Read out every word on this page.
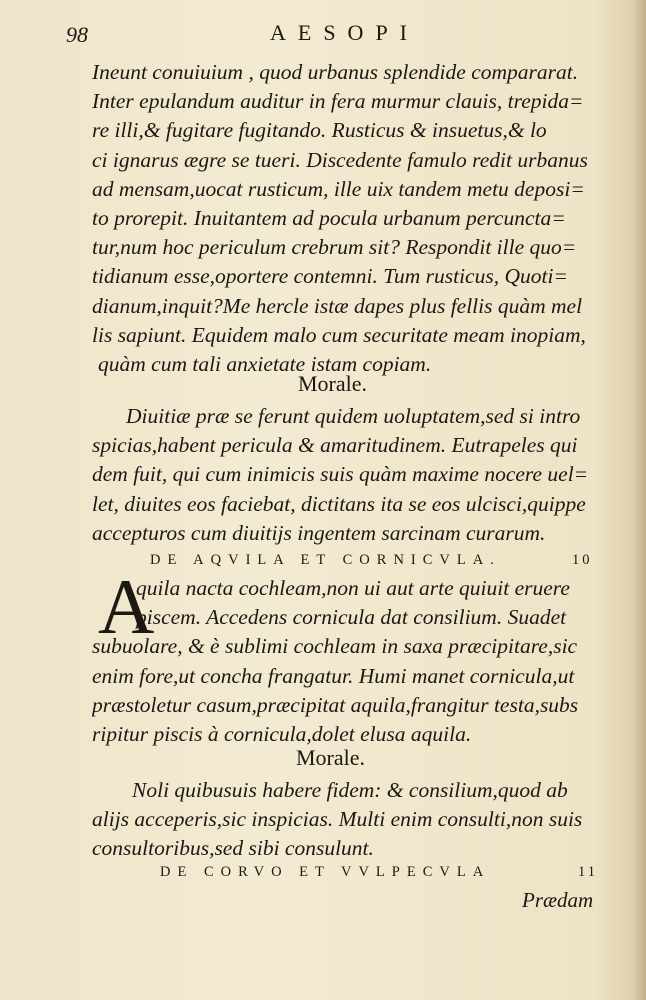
98	AESOPI
Ineunt conuiuium , quod urbanus splendide compararat.
Inter epulandum auditur in fera murmur clauis, trepida=
re illi,& fugitare fugitando. Rusticus & insuetus,& lo
ci ignarus ægre se tueri. Discedente famulo redit urbanus
ad mensam,uocat rusticum, ille uix tandem metu deposi=
to prorepit. Inuitantem ad pocula urbanum percuncta=
tur,num hoc periculum crebrum sit? Respondit ille quo=
tidianum esse,oportere contemni. Tum rusticus, Quoti=
dianum,inquit?Me hercle istæ dapes plus fellis quàm mel
lis sapiunt. Equidem malo cum securitate meam inopiam,
quàm cum tali anxietate istam copiam.
Morale.
Diuitiæ præ se ferunt quidem uoluptatem,sed si intro
spicias,habent pericula & amaritudinem. Eutrapeles qui
dem fuit, qui cum inimicis suis quàm maxime nocere uel=
let, diuites eos faciebat, dictitans ita se eos ulcisci,quippe
accepturos cum diuitijs ingentem sarcinam curarum.
DE AQVILA ET CORNICVLA.	10
A
quila nacta cochleam,non ui aut arte quiuit eruere
piscem. Accedens cornicula dat consilium. Suadet
subuolare, & è sublimi cochleam in saxa præcipitare,sic
enim fore,ut concha frangatur. Humi manet cornicula,ut
præstoletur casum,præcipitat aquila,frangitur testa,subs
ripitur piscis à cornicula,dolet elusa aquila.
Morale.
Noli quibusuis habere fidem: & consilium,quod ab
alijs acceperis,sic inspicias. Multi enim consulti,non suis
consultoribus,sed sibi consulunt.
DE CORVO ET VVLPECVLA	11
Prædam
